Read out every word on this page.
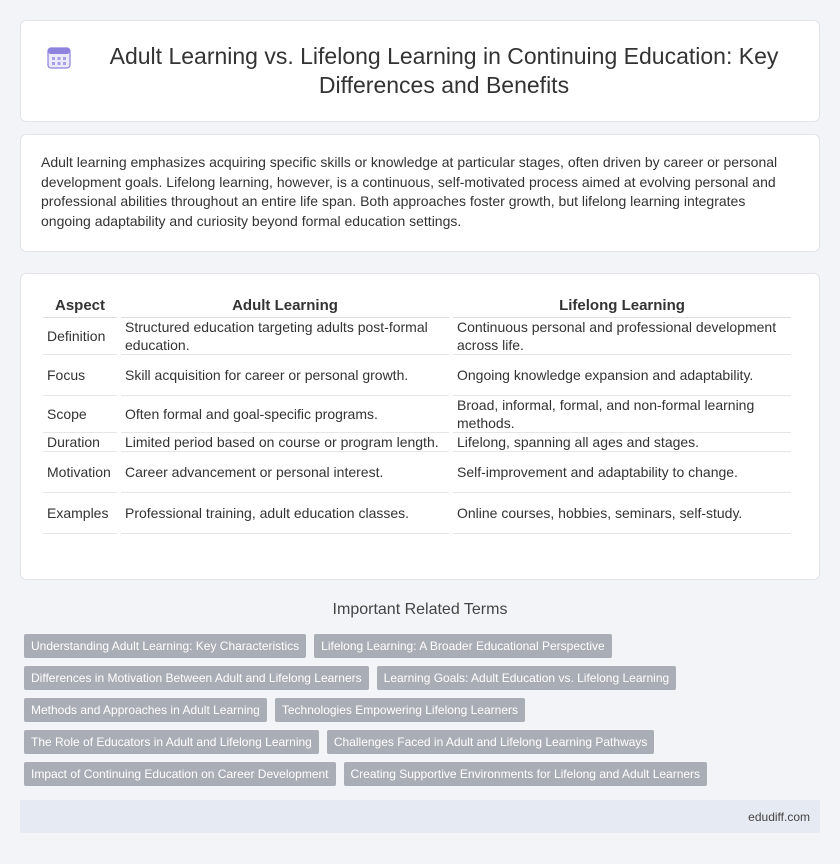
Adult Learning vs. Lifelong Learning in Continuing Education: Key Differences and Benefits

Adult learning emphasizes acquiring specific skills or knowledge at particular stages, often driven by career or personal development goals. Lifelong learning, however, is a continuous, self-motivated process aimed at evolving personal and professional abilities throughout an entire life span. Both approaches foster growth, but lifelong learning integrates ongoing adaptability and curiosity beyond formal education settings.

Aspect	Adult Learning	Lifelong Learning
Definition	Structured education targeting adults post-formal education.	Continuous personal and professional development across life.
Focus	Skill acquisition for career or personal growth.	Ongoing knowledge expansion and adaptability.
Scope	Often formal and goal-specific programs.	Broad, informal, formal, and non-formal learning methods.
Duration	Limited period based on course or program length.	Lifelong, spanning all ages and stages.
Motivation	Career advancement or personal interest.	Self-improvement and adaptability to change.
Examples	Professional training, adult education classes.	Online courses, hobbies, seminars, self-study.
Important Related Terms
Understanding Adult Learning: Key Characteristics	Lifelong Learning: A Broader Educational Perspective
Differences in Motivation Between Adult and Lifelong Learners	Learning Goals: Adult Education vs. Lifelong Learning
Methods and Approaches in Adult Learning	Technologies Empowering Lifelong Learners
The Role of Educators in Adult and Lifelong Learning	Challenges Faced in Adult and Lifelong Learning Pathways
Impact of Continuing Education on Career Development	Creating Supportive Environments for Lifelong and Adult Learners
edudiff.com
